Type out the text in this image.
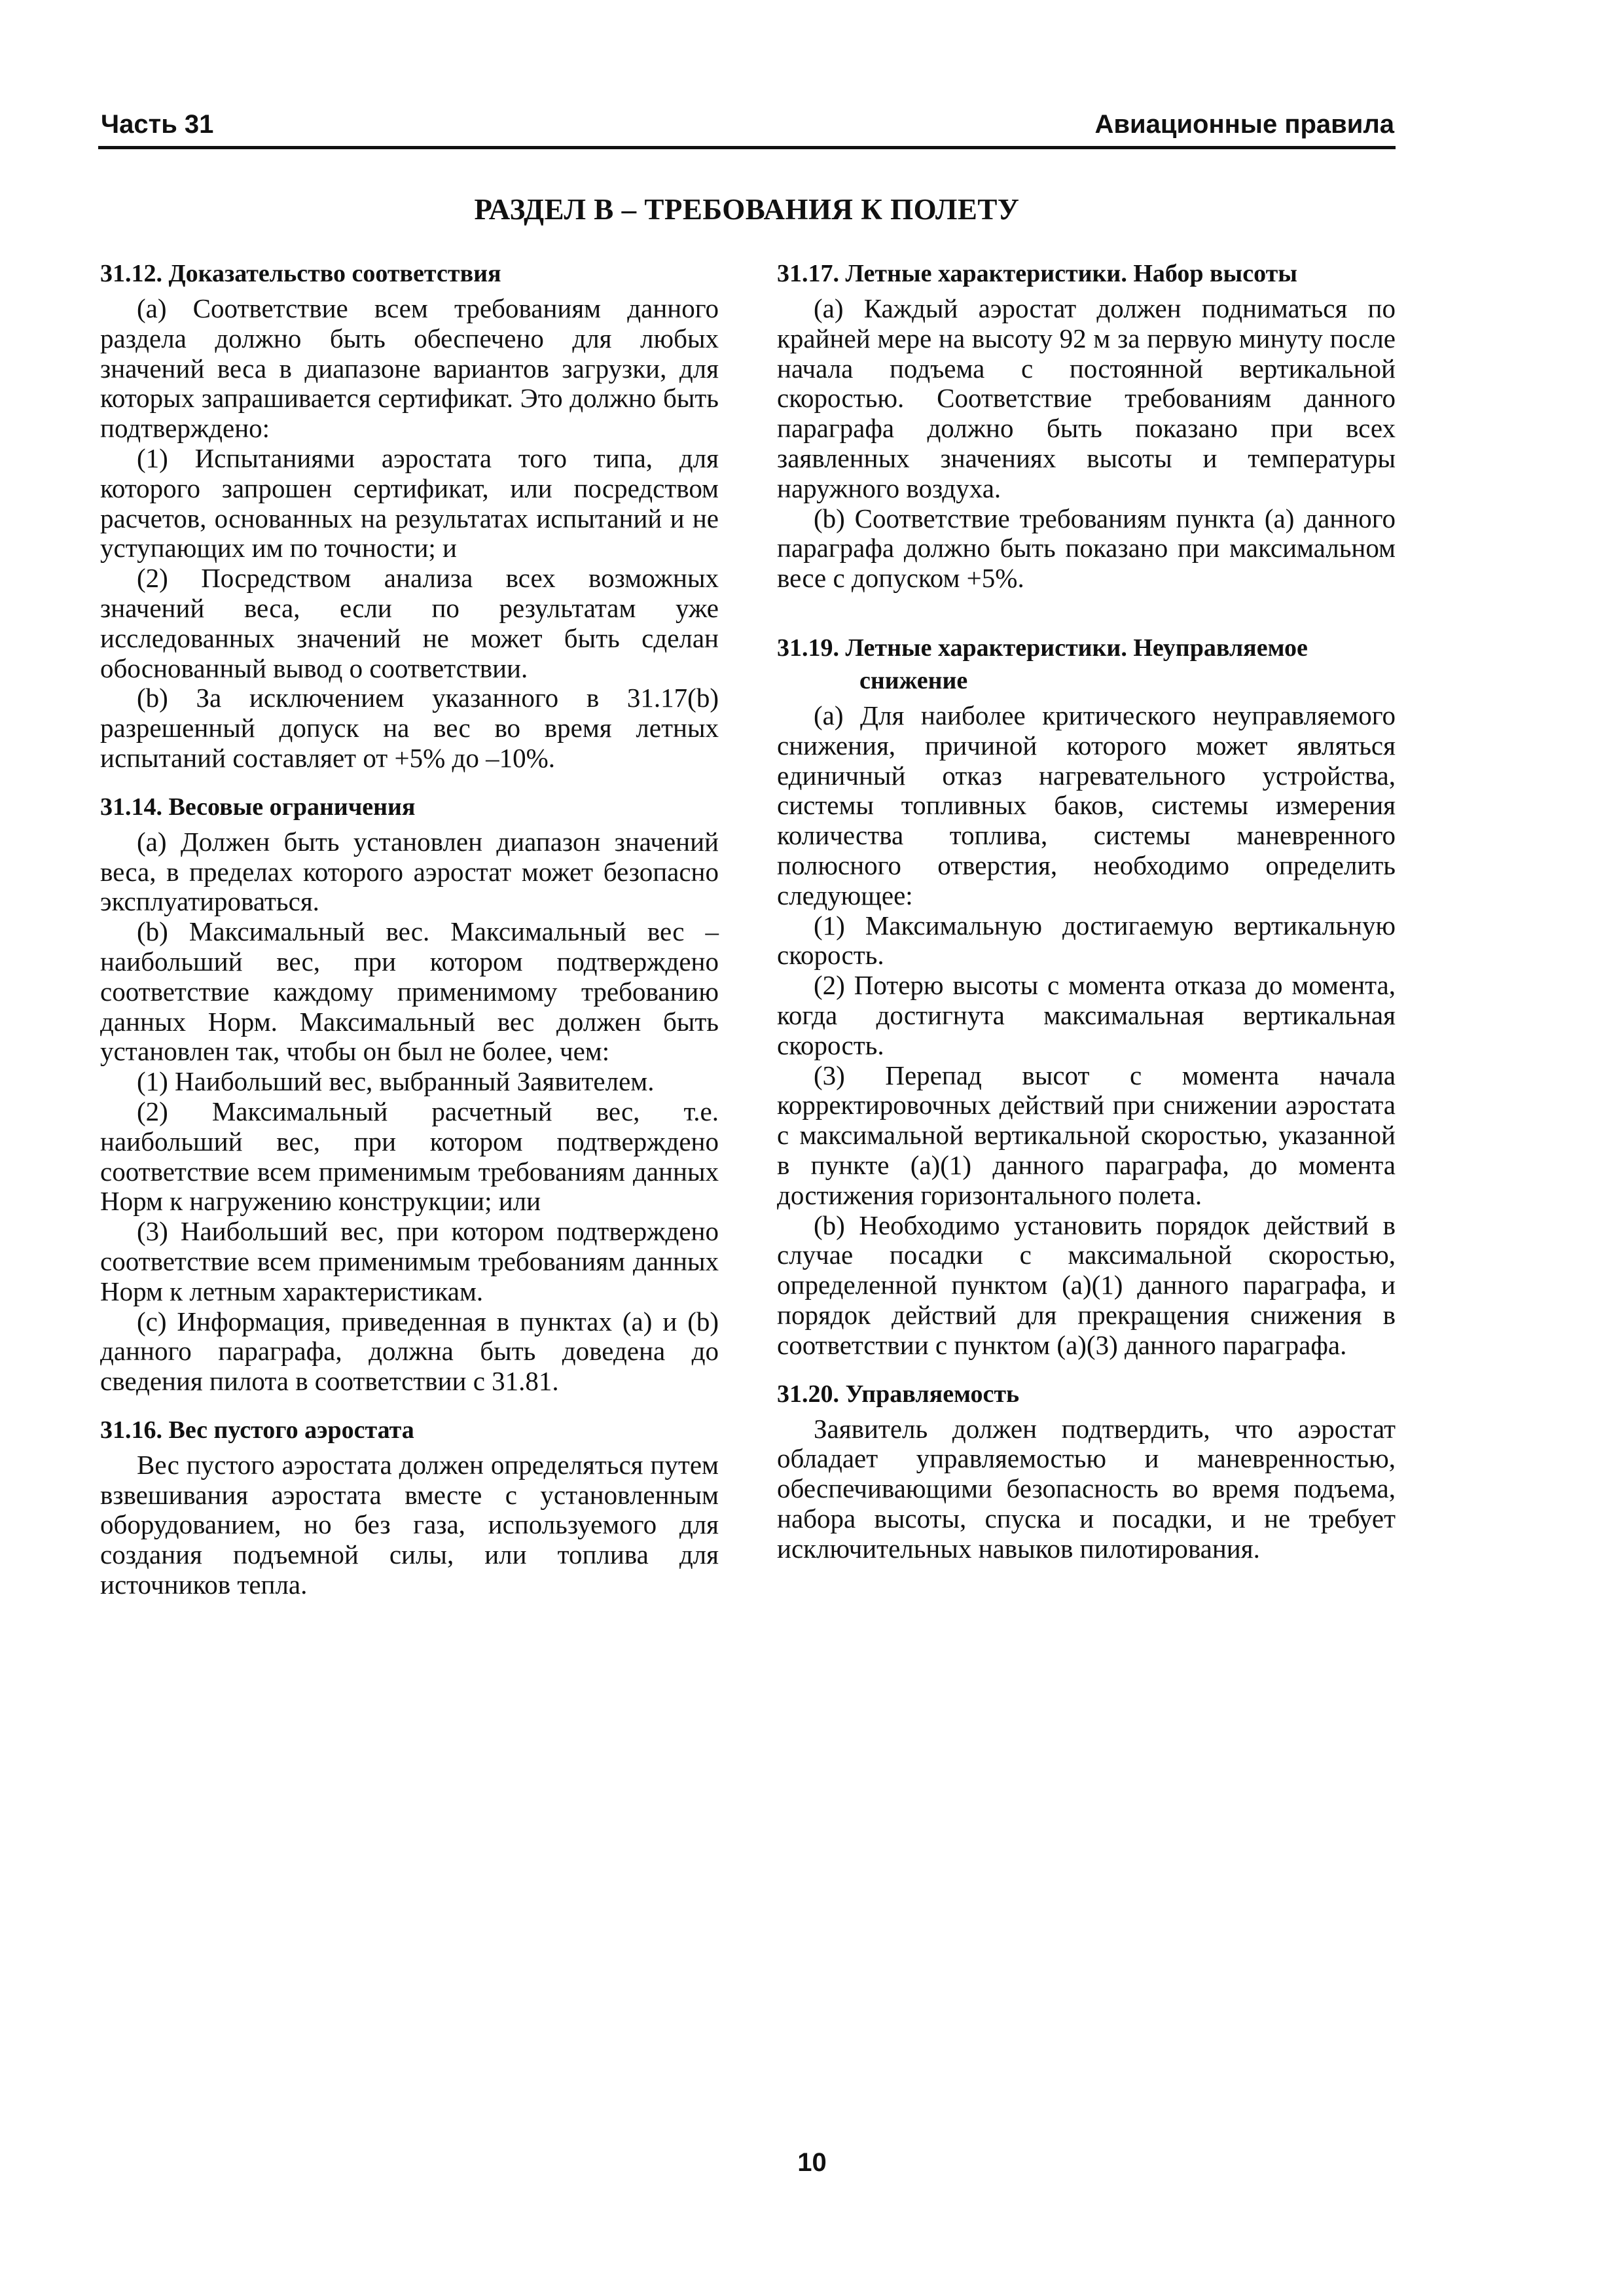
Часть 31	Авиационные правила
РАЗДЕЛ B – ТРЕБОВАНИЯ К ПОЛЕТУ
31.12. Доказательство соответствия

(a) Соответствие всем требованиям данного раздела должно быть обеспечено для любых значений веса в диапазоне вариантов загрузки, для которых запрашивается сертификат. Это должно быть подтверждено:

(1) Испытаниями аэростата того типа, для которого запрошен сертификат, или посредством расчетов, основанных на результатах испытаний и не уступающих им по точности; и

(2) Посредством анализа всех возможных значений веса, если по результатам уже исследованных значений не может быть сделан обоснованный вывод о соответствии.

(b) За исключением указанного в 31.17(b) разрешенный допуск на вес во время летных испытаний составляет от +5% до –10%.

31.14. Весовые ограничения

(a) Должен быть установлен диапазон значений веса, в пределах которого аэростат может безопасно эксплуатироваться.

(b) Максимальный вес. Максимальный вес – наибольший вес, при котором подтверждено соответствие каждому применимому требованию данных Норм. Максимальный вес должен быть установлен так, чтобы он был не более, чем:

(1) Наибольший вес, выбранный Заявителем.

(2) Максимальный расчетный вес, т.е. наибольший вес, при котором подтверждено соответствие всем применимым требованиям данных Норм к нагружению конструкции; или

(3) Наибольший вес, при котором подтверждено соответствие всем применимым требованиям данных Норм к летным характеристикам.

(c) Информация, приведенная в пунктах (a) и (b) данного параграфа, должна быть доведена до сведения пилота в соответствии с 31.81.

31.16. Вес пустого аэростата

Вес пустого аэростата должен определяться путем взвешивания аэростата вместе с установленным оборудованием, но без газа, используемого для создания подъемной силы, или топлива для источников тепла.

31.17. Летные характеристики. Набор высоты

(a) Каждый аэростат должен подниматься по крайней мере на высоту 92 м за первую минуту после начала подъема с постоянной вертикальной скоростью. Соответствие требованиям данного параграфа должно быть показано при всех заявленных значениях высоты и температуры наружного воздуха.

(b) Соответствие требованиям пункта (a) данного параграфа должно быть показано при максимальном весе с допуском +5%.

31.19. Летные характеристики. Неуправляемое снижение

(a) Для наиболее критического неуправляемого снижения, причиной которого может являться единичный отказ нагревательного устройства, системы топливных баков, системы измерения количества топлива, системы маневренного полюсного отверстия, необходимо определить следующее:

(1) Максимальную достигаемую вертикальную скорость.

(2) Потерю высоты с момента отказа до момента, когда достигнута максимальная вертикальная скорость.

(3) Перепад высот с момента начала корректировочных действий при снижении аэростата с максимальной вертикальной скоростью, указанной в пункте (a)(1) данного параграфа, до момента достижения горизонтального полета.

(b) Необходимо установить порядок действий в случае посадки с максимальной скоростью, определенной пунктом (a)(1) данного параграфа, и порядок действий для прекращения снижения в соответствии с пунктом (a)(3) данного параграфа.

31.20. Управляемость

Заявитель должен подтвердить, что аэростат обладает управляемостью и маневренностью, обеспечивающими безопасность во время подъема, набора высоты, спуска и посадки, и не требует исключительных навыков пилотирования.

10
